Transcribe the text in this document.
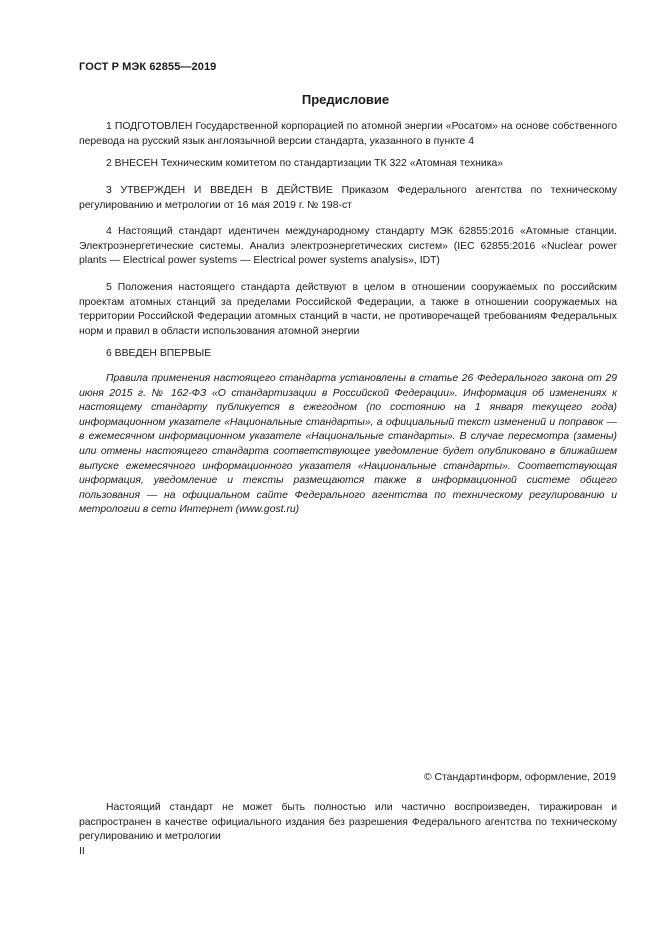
ГОСТ Р МЭК 62855—2019
Предисловие

1 ПОДГОТОВЛЕН Государственной корпорацией по атомной энергии «Росатом» на основе собственного перевода на русский язык англоязычной версии стандарта, указанного в пункте 4

2 ВНЕСЕН Техническим комитетом по стандартизации ТК 322 «Атомная техника»

3 УТВЕРЖДЕН И ВВЕДЕН В ДЕЙСТВИЕ Приказом Федерального агентства по техническому регулированию и метрологии от 16 мая 2019 г. № 198-ст

4 Настоящий стандарт идентичен международному стандарту МЭК 62855:2016 «Атомные станции. Электроэнергетические системы. Анализ электроэнергетических систем» (IEC 62855:2016 «Nuclear power plants — Electrical power systems — Electrical power systems analysis», IDT)

5 Положения настоящего стандарта действуют в целом в отношении сооружаемых по российским проектам атомных станций за пределами Российской Федерации, а также в отношении сооружаемых на территории Российской Федерации атомных станций в части, не противоречащей требованиям Федеральных норм и правил в области использования атомной энергии

6 ВВЕДЕН ВПЕРВЫЕ

Правила применения настоящего стандарта установлены в статье 26 Федерального закона от 29 июня 2015 г. № 162-ФЗ «О стандартизации в Российской Федерации». Информация об изменениях к настоящему стандарту публикуется в ежегодном (по состоянию на 1 января текущего года) информационном указателе «Национальные стандарты», а официальный текст изменений и поправок — в ежемесячном информационном указателе «Национальные стандарты». В случае пересмотра (замены) или отмены настоящего стандарта соответствующее уведомление будет опубликовано в ближайшем выпуске ежемесячного информационного указателя «Национальные стандарты». Соответствующая информация, уведомление и тексты размещаются также в информационной системе общего пользования — на официальном сайте Федерального агентства по техническому регулированию и метрологии в сети Интернет (www.gost.ru)

© Стандартинформ, оформление, 2019

Настоящий стандарт не может быть полностью или частично воспроизведен, тиражирован и распространен в качестве официального издания без разрешения Федерального агентства по техническому регулированию и метрологии

II
